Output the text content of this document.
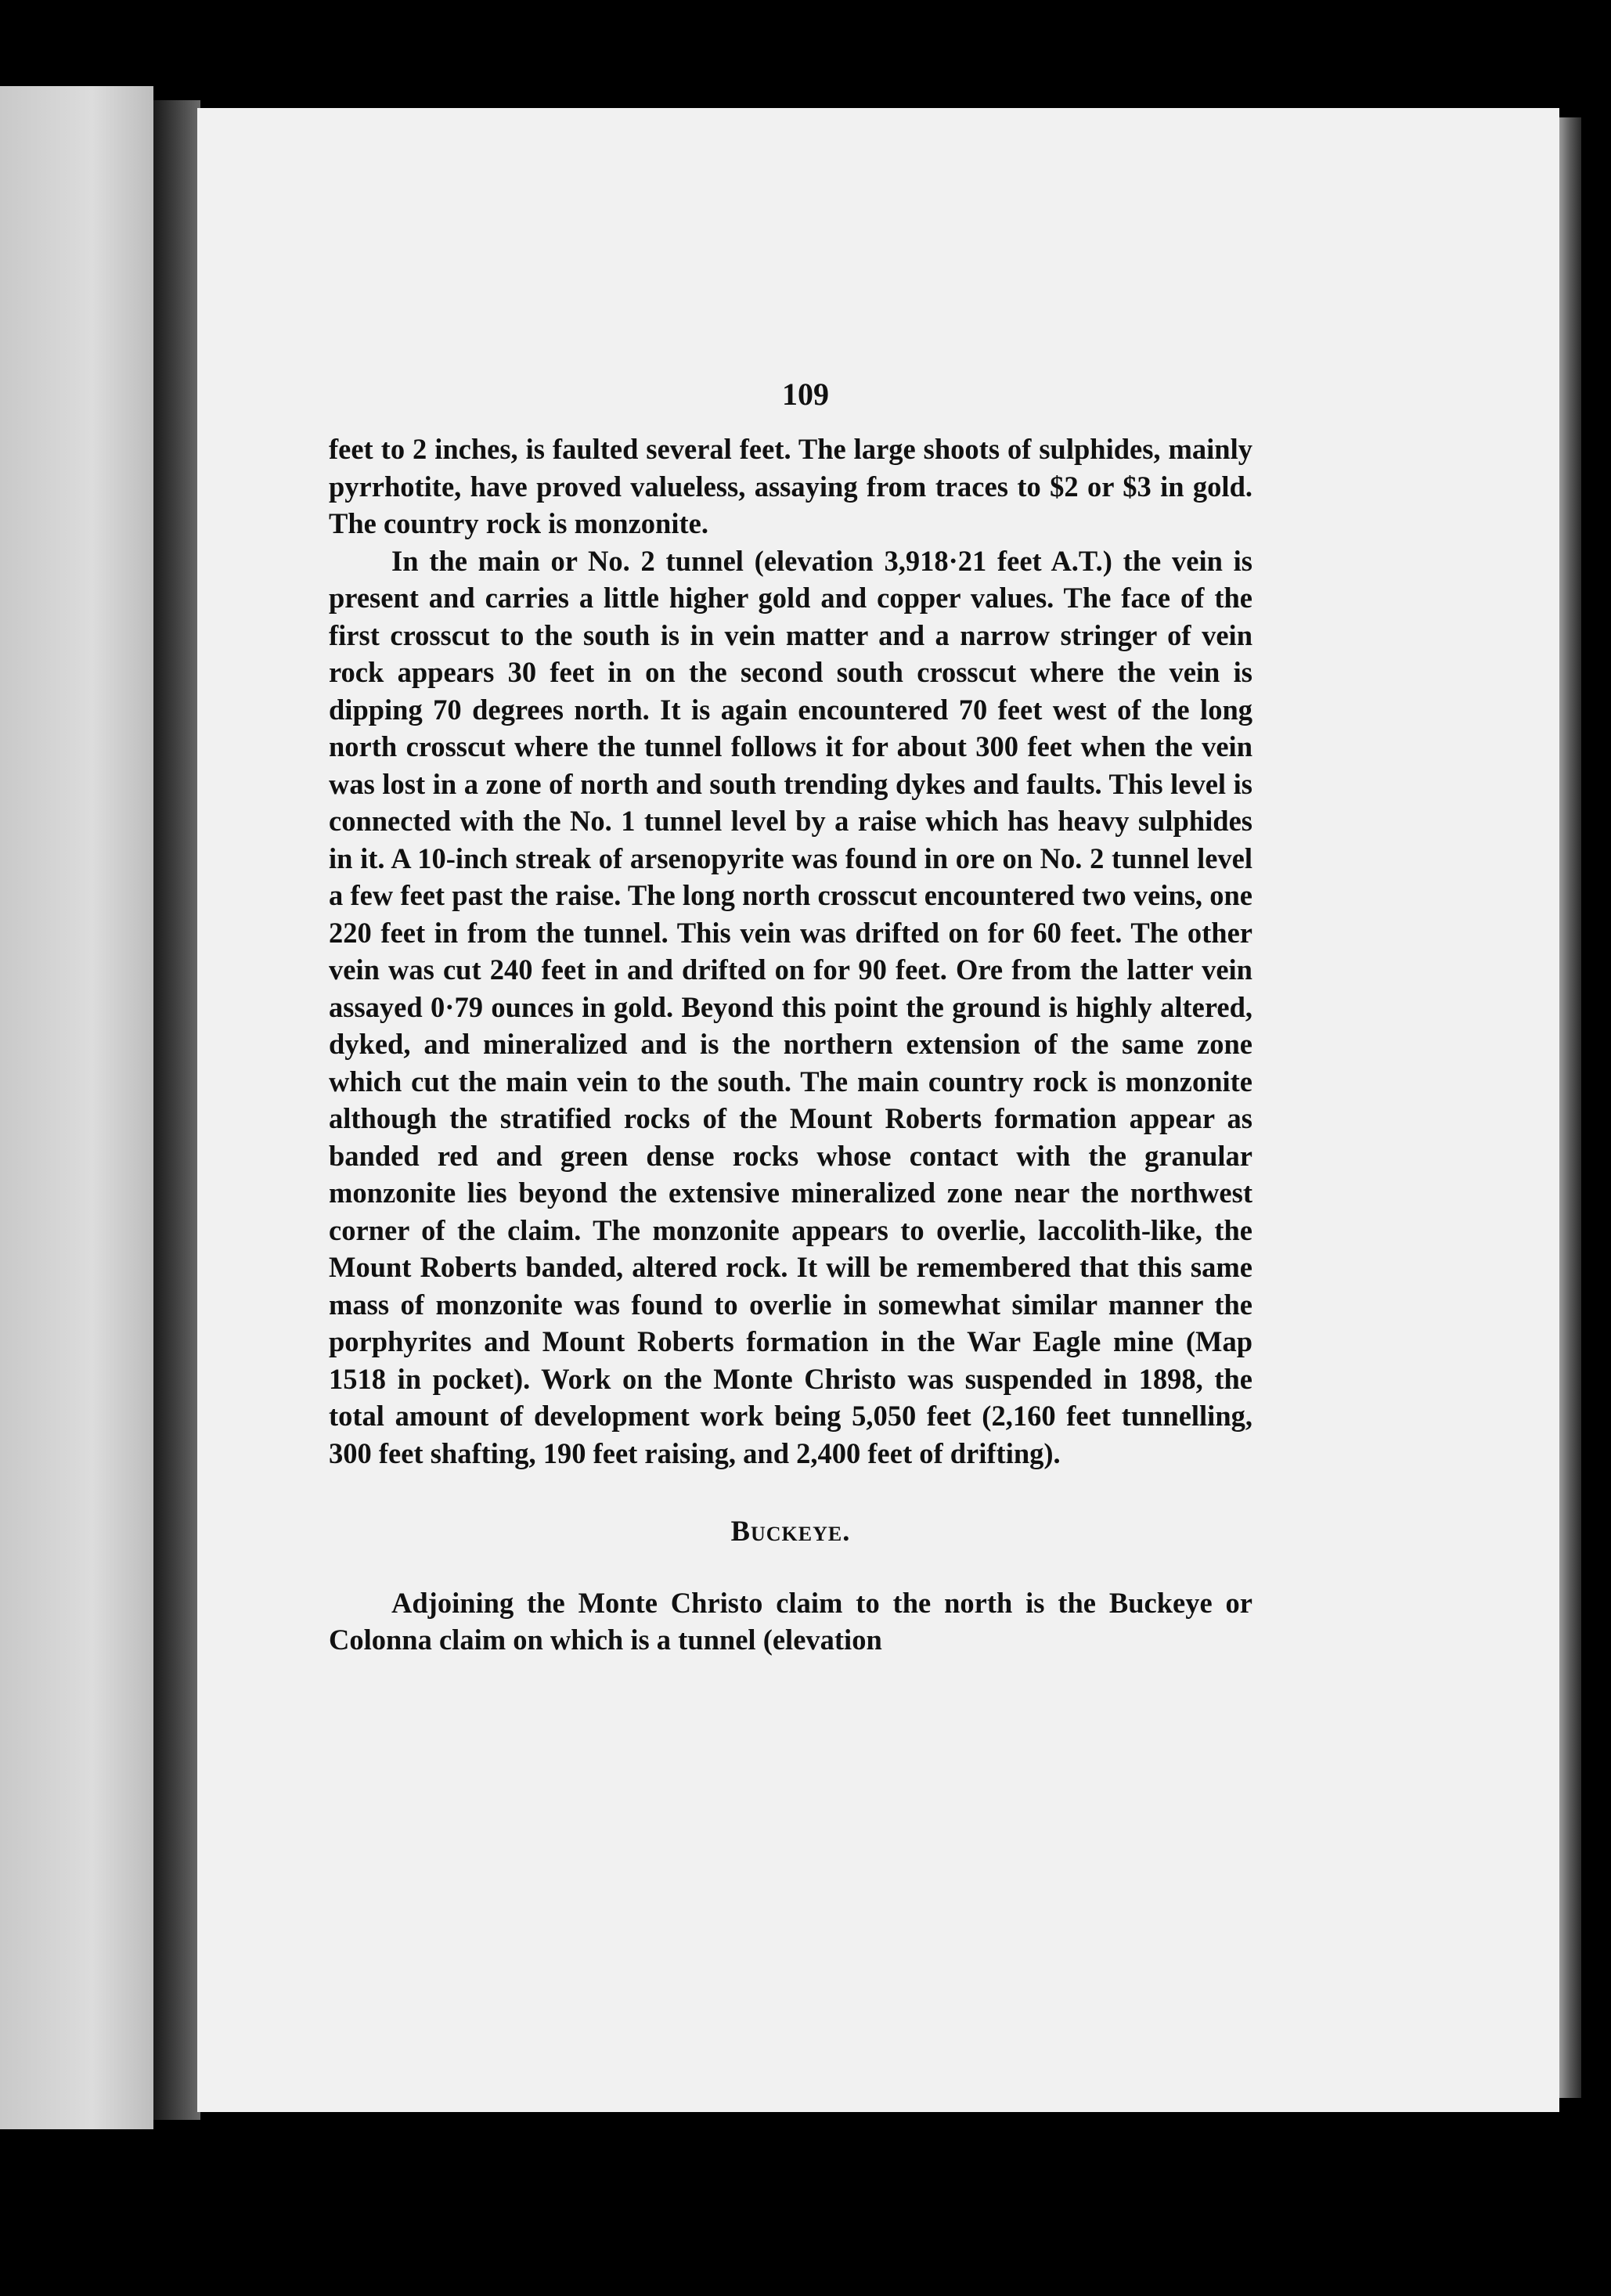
109

feet to 2 inches, is faulted several feet. The large shoots of sulphides, mainly pyrrhotite, have proved valueless, assaying from traces to $2 or $3 in gold. The country rock is monzonite.

In the main or No. 2 tunnel (elevation 3,918·21 feet A.T.) the vein is present and carries a little higher gold and copper values. The face of the first crosscut to the south is in vein matter and a narrow stringer of vein rock appears 30 feet in on the second south crosscut where the vein is dipping 70 degrees north. It is again encountered 70 feet west of the long north crosscut where the tunnel follows it for about 300 feet when the vein was lost in a zone of north and south trending dykes and faults. This level is connected with the No. 1 tunnel level by a raise which has heavy sulphides in it. A 10-inch streak of arsenopyrite was found in ore on No. 2 tunnel level a few feet past the raise. The long north crosscut encountered two veins, one 220 feet in from the tunnel. This vein was drifted on for 60 feet. The other vein was cut 240 feet in and drifted on for 90 feet. Ore from the latter vein assayed 0·79 ounces in gold. Beyond this point the ground is highly altered, dyked, and mineralized and is the northern extension of the same zone which cut the main vein to the south. The main country rock is monzonite although the stratified rocks of the Mount Roberts formation appear as banded red and green dense rocks whose contact with the granular monzonite lies beyond the extensive mineralized zone near the northwest corner of the claim. The monzonite appears to overlie, laccolith-like, the Mount Roberts banded, altered rock. It will be remembered that this same mass of monzonite was found to overlie in somewhat similar manner the porphyrites and Mount Roberts formation in the War Eagle mine (Map 1518 in pocket). Work on the Monte Christo was suspended in 1898, the total amount of development work being 5,050 feet (2,160 feet tunnelling, 300 feet shafting, 190 feet raising, and 2,400 feet of drifting).

Buckeye.

Adjoining the Monte Christo claim to the north is the Buckeye or Colonna claim on which is a tunnel (elevation
